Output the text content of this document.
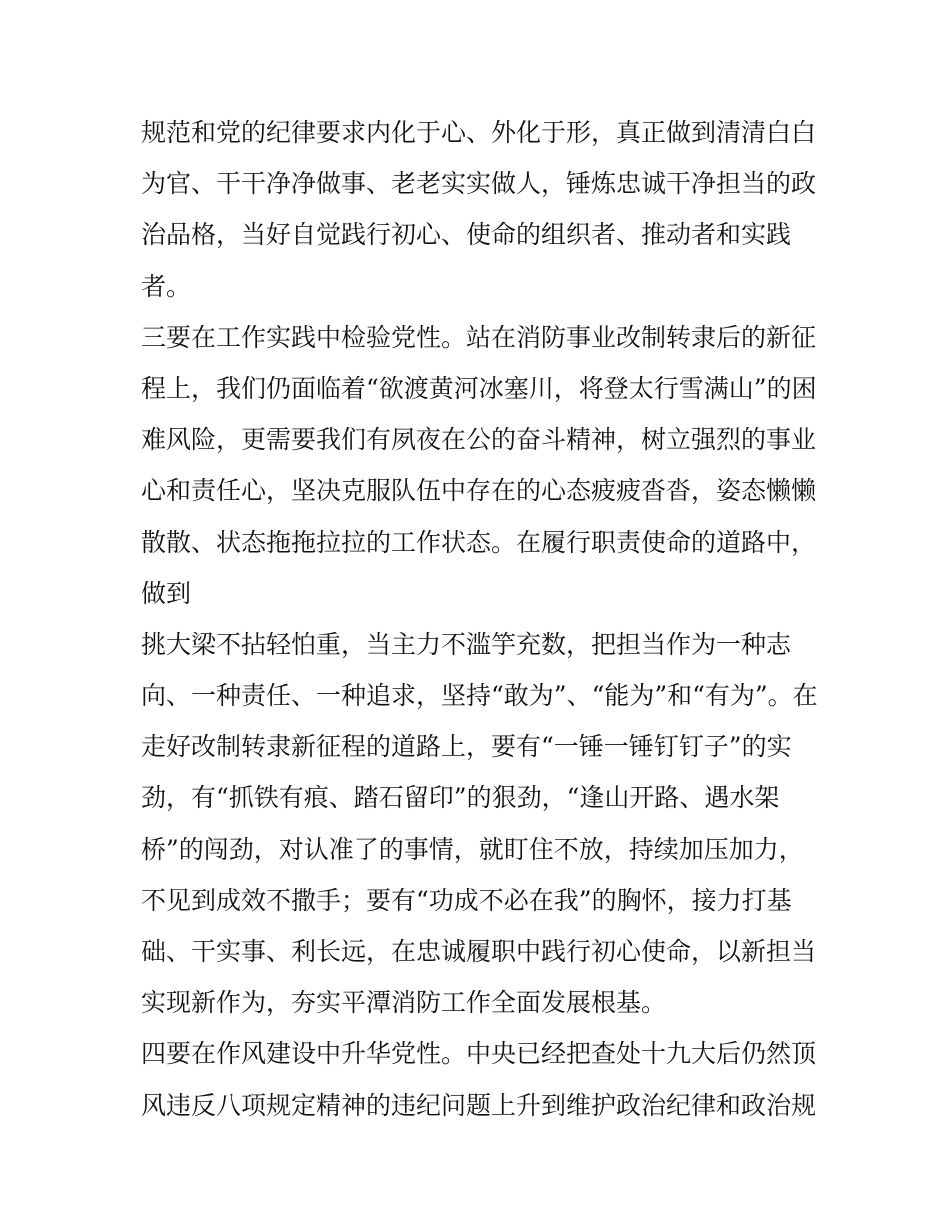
规范和党的纪律要求内化于心、外化于形，真正做到清清白白
为官、干干净净做事、老老实实做人，锤炼忠诚干净担当的政
治品格，当好自觉践行初心、使命的组织者、推动者和实践
者。
三要在工作实践中检验党性。站在消防事业改制转隶后的新征
程上，我们仍面临着“欲渡黄河冰塞川，将登太行雪满山”的困
难风险，更需要我们有夙夜在公的奋斗精神，树立强烈的事业
心和责任心，坚决克服队伍中存在的心态疲疲沓沓，姿态懒懒
散散、状态拖拖拉拉的工作状态。在履行职责使命的道路中，
做到
挑大梁不拈轻怕重，当主力不滥竽充数，把担当作为一种志
向、一种责任、一种追求，坚持“敢为”、“能为”和“有为”。在
走好改制转隶新征程的道路上，要有“一锤一锤钉钉子”的实
劲，有“抓铁有痕、踏石留印”的狠劲，“逢山开路、遇水架
桥”的闯劲，对认准了的事情，就盯住不放，持续加压加力，
不见到成效不撒手；要有“功成不必在我”的胸怀，接力打基
础、干实事、利长远，在忠诚履职中践行初心使命，以新担当
实现新作为，夯实平潭消防工作全面发展根基。
四要在作风建设中升华党性。中央已经把查处十九大后仍然顶
风违反八项规定精神的违纪问题上升到维护政治纪律和政治规
